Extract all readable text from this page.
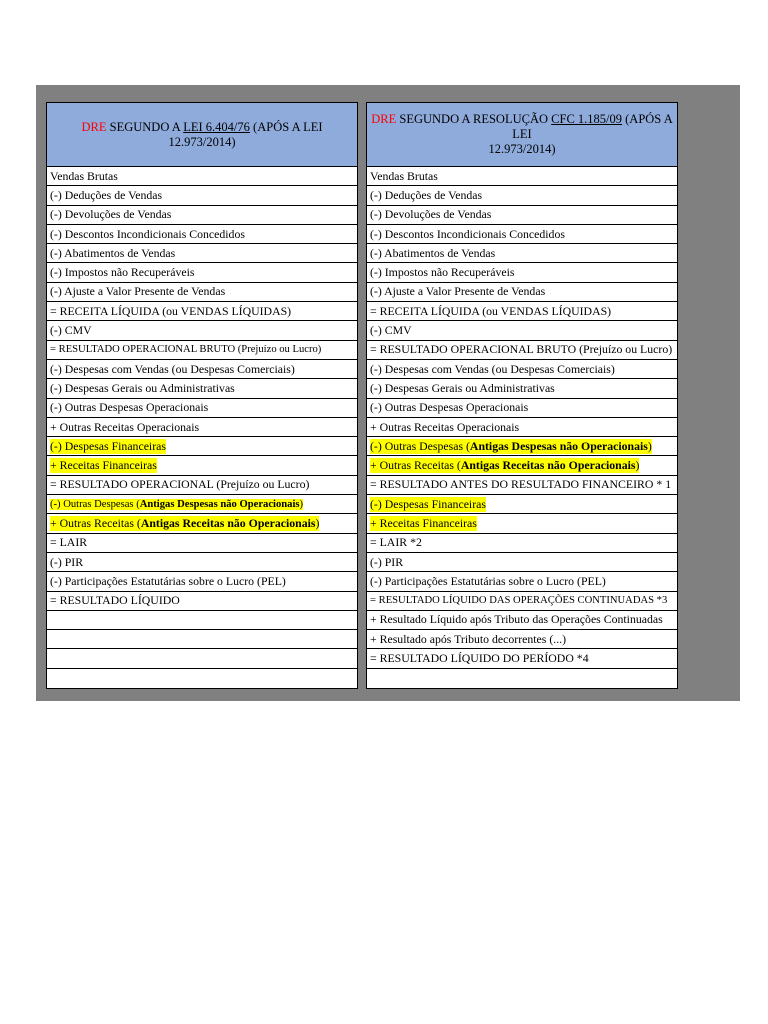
DRE SEGUNDO A LEI 6.404/76 (APÓS A LEI
12.973/2014)
Vendas Brutas
(-) Deduções de Vendas
(-) Devoluções de Vendas
(-) Descontos Incondicionais Concedidos
(-) Abatimentos de Vendas
(-) Impostos não Recuperáveis
(-) Ajuste a Valor Presente de Vendas
= RECEITA LÍQUIDA (ou VENDAS LÍQUIDAS)
(-) CMV
= RESULTADO OPERACIONAL BRUTO (Prejuízo ou Lucro)
(-) Despesas com Vendas (ou Despesas Comerciais)
(-) Despesas Gerais ou Administrativas
(-) Outras Despesas Operacionais
+ Outras Receitas Operacionais
(-) Despesas Financeiras
+ Receitas Financeiras
= RESULTADO OPERACIONAL (Prejuízo ou Lucro)
(-) Outras Despesas (Antigas Despesas não Operacionais)
+ Outras Receitas (Antigas Receitas não Operacionais)
= LAIR
(-) PIR
(-) Participações Estatutárias sobre o Lucro (PEL)
= RESULTADO LÍQUIDO
DRE SEGUNDO A RESOLUÇÃO CFC 1.185/09 (APÓS A LEI
12.973/2014)
Vendas Brutas
(-) Deduções de Vendas
(-) Devoluções de Vendas
(-) Descontos Incondicionais Concedidos
(-) Abatimentos de Vendas
(-) Impostos não Recuperáveis
(-) Ajuste a Valor Presente de Vendas
= RECEITA LÍQUIDA (ou VENDAS LÍQUIDAS)
(-) CMV
= RESULTADO OPERACIONAL BRUTO (Prejuízo ou Lucro)
(-) Despesas com Vendas (ou Despesas Comerciais)
(-) Despesas Gerais ou Administrativas
(-) Outras Despesas Operacionais
+ Outras Receitas Operacionais
(-) Outras Despesas (Antigas Despesas não Operacionais)
+ Outras Receitas (Antigas Receitas não Operacionais)
= RESULTADO ANTES DO RESULTADO FINANCEIRO * 1
(-) Despesas Financeiras
+ Receitas Financeiras
= LAIR *2
(-) PIR
(-) Participações Estatutárias sobre o Lucro (PEL)
= RESULTADO LÍQUIDO DAS OPERAÇÕES CONTINUADAS *3
+ Resultado Líquido após Tributo das Operações Continuadas
+ Resultado após Tributo decorrentes (...)
= RESULTADO LÍQUIDO DO PERÍODO *4
